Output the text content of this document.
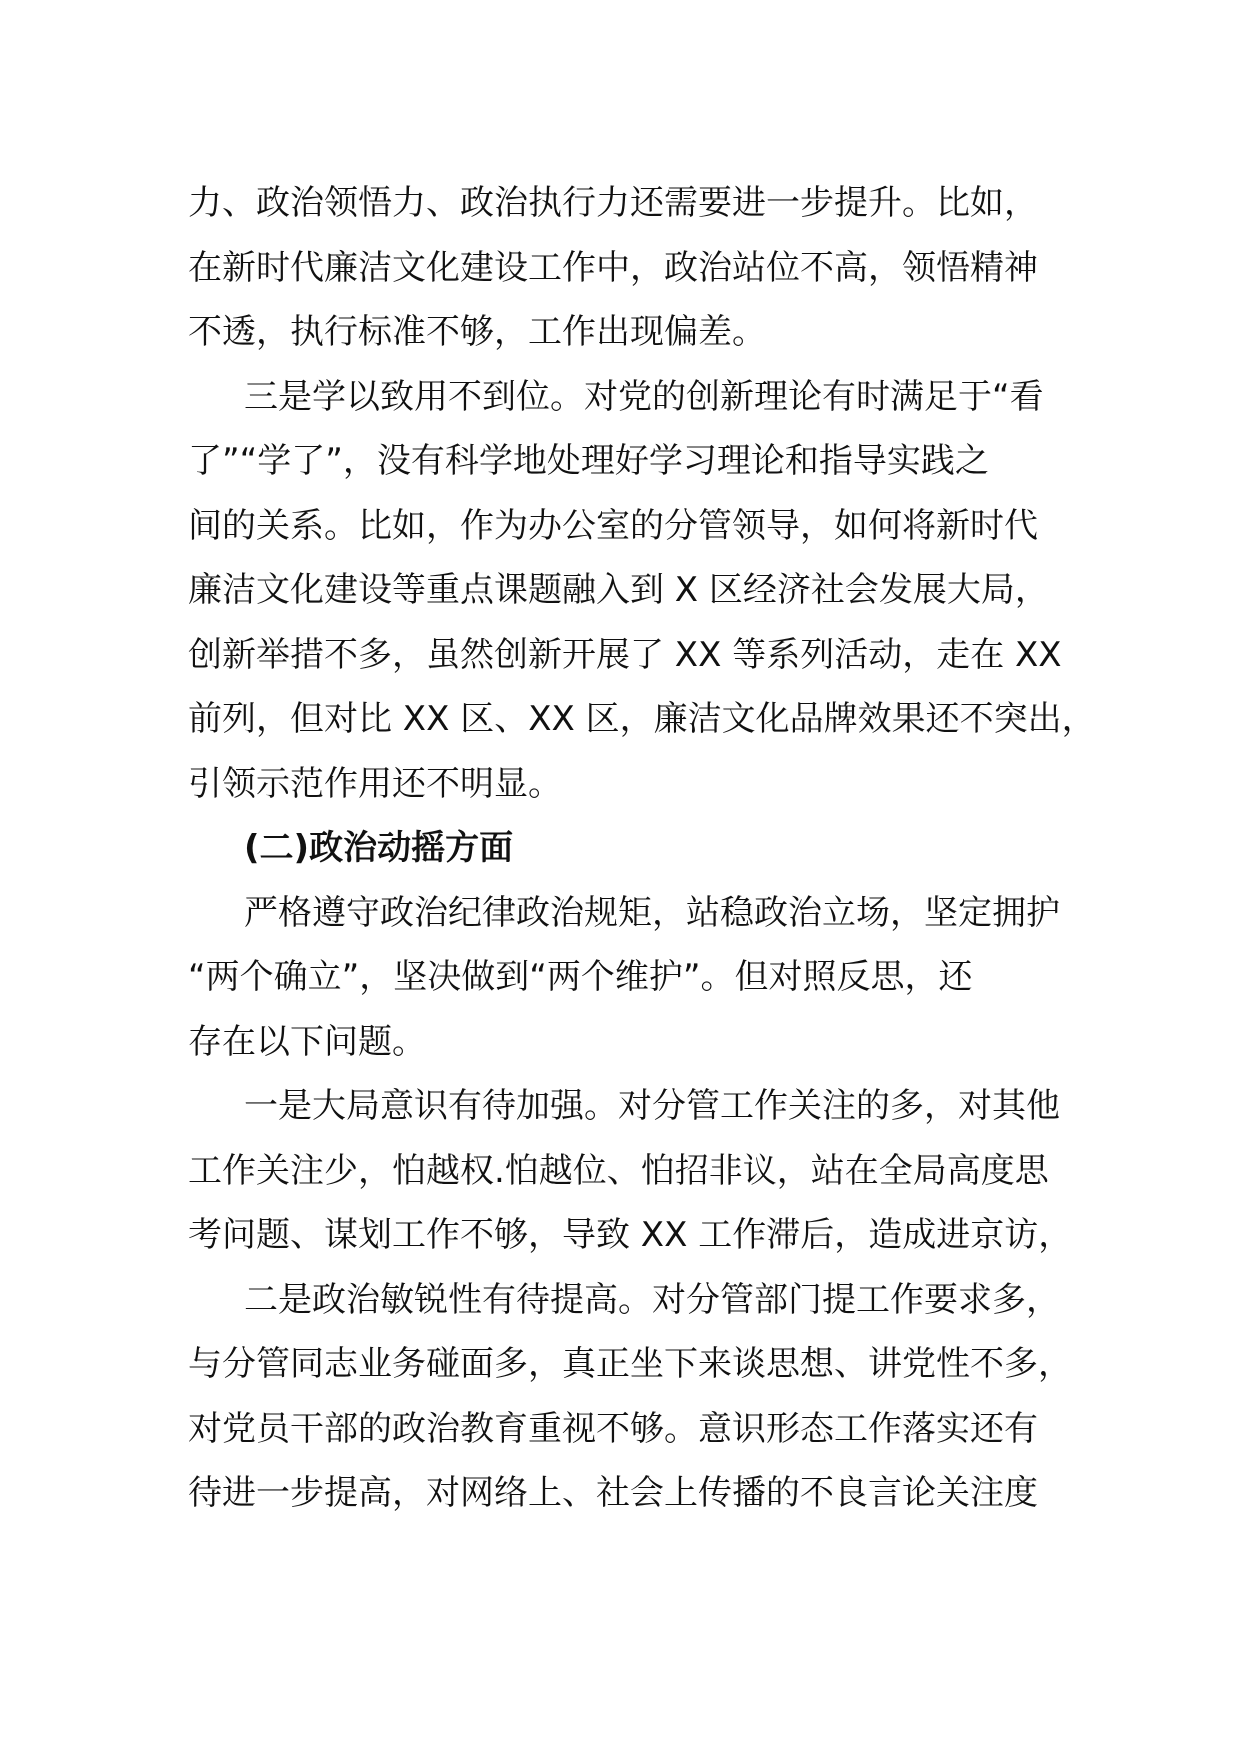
力、政治领悟力、政治执行力还需要进一步提升。比如，
在新时代廉洁文化建设工作中，政治站位不高，领悟精神
不透，执行标准不够，工作出现偏差。
三是学以致用不到位。对党的创新理论有时满足于“看
了”“学了”，没有科学地处理好学习理论和指导实践之
间的关系。比如，作为办公室的分管领导，如何将新时代
廉洁文化建设等重点课题融入到 X 区经济社会发展大局，
创新举措不多，虽然创新开展了 XX 等系列活动，走在 XX
前列，但对比 XX 区、XX 区，廉洁文化品牌效果还不突出，
引领示范作用还不明显。
(二)政治动摇方面
严格遵守政治纪律政治规矩，站稳政治立场，坚定拥护
“两个确立”，坚决做到“两个维护”。但对照反思，还
存在以下问题。
一是大局意识有待加强。对分管工作关注的多，对其他
工作关注少，怕越权.怕越位、怕招非议，站在全局高度思
考问题、谋划工作不够，导致 XX 工作滞后，造成进京访，
二是政治敏锐性有待提高。对分管部门提工作要求多，
与分管同志业务碰面多，真正坐下来谈思想、讲党性不多，
对党员干部的政治教育重视不够。意识形态工作落实还有
待进一步提高，对网络上、社会上传播的不良言论关注度
